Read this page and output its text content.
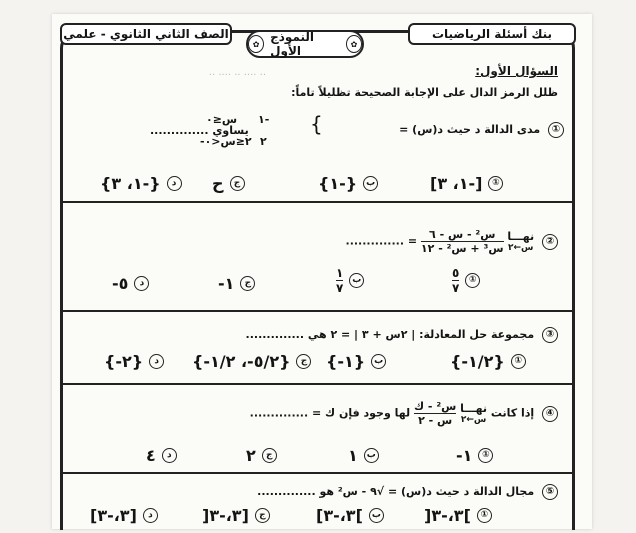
بنك أسئلة الرياضيات
الصف الثاني الثانوي - علمي
✿ النموذج الأول	✿
السؤال الأول:
ظلل الرمز الدال على الإجابة الصحيحة تظليلاً تاماً:
·· ···· ·· ···· ··
① مدى الدالة د حيث د(س) =
{
١-
س≤٠
٢
-٢≤س<٠
يساوي ..............
①
[-١، ٣]
ب
{-١}
ج
ح
د
{-١، ٣}
②
نهـــا
س←٢

$\frac{\text{س² - س - ٦}}{\text{س³ + س² - ١٢}}$
= ..............
①
$\frac{٥}{٧}$
ب
$\frac{١}{٧}$
ج
١-
د
٥-
③ مجموعة حل المعادلة: | ٢س + ٣ | = ٢ هي ..............
①
{١/٢-}
ب
{١-}
ج
{٥/٢-، ١/٢-}
د
{٢-}
④ إذا كانت
نهـــا
س←٢

$\frac{\text{س² - ك}}{\text{س - ٢}}$
لها وجود فإن ك = ..............
①
١-
ب
١
ج
٢
د
٤
⑤ مجال الدالة د حيث د(س) = √٩ - س² هو ..............
①
]٣،-٣[
ب
]٣،-٣]
ج
[٣،-٣[
د
[٣،-٣]
